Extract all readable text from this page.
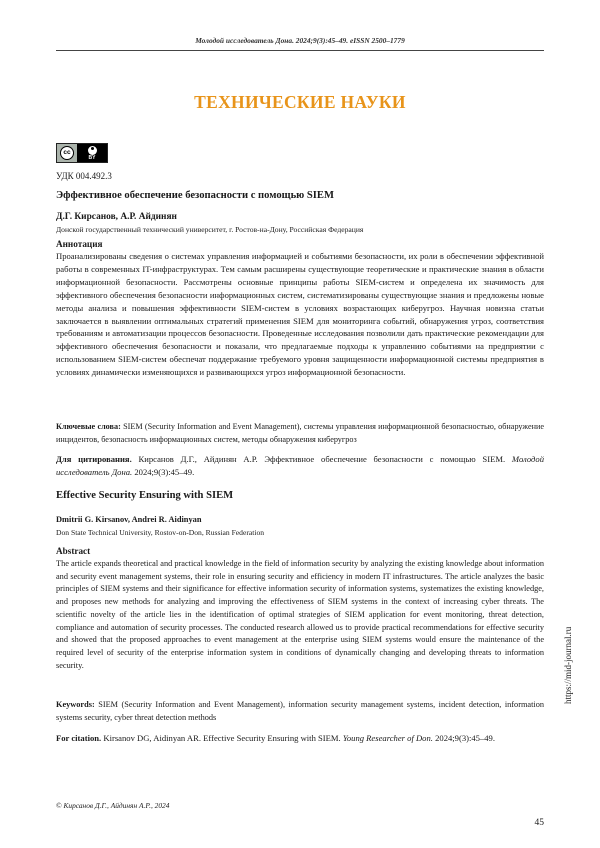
Молодой исследователь Дона. 2024;9(3):45–49. eISSN 2500–1779
ТЕХНИЧЕСКИЕ НАУКИ
cc
BY
УДК 004.492.3
Эффективное обеспечение безопасности с помощью SIEM
Д.Г. Кирсанов, А.Р. Айдинян
Донской государственный технический университет, г. Ростов-на-Дону, Российская Федерация
Аннотация
Проанализированы сведения о системах управления информацией и событиями безопасности, их роли в обеспечении эффективной работы в современных IT-инфраструктурах. Тем самым расширены существующие теоретические и практические знания в области информационной безопасности. Рассмотрены основные принципы работы SIEM-систем и определена их значимость для эффективного обеспечения безопасности информационных систем, систематизированы существующие знания и предложены новые методы анализа и повышения эффективности SIEM-систем в условиях возрастающих киберугроз. Научная новизна статьи заключается в выявлении оптимальных стратегий применения SIEM для мониторинга событий, обнаружения угроз, соответствия требованиям и автоматизации процессов безопасности. Проведенные исследования позволили дать практические рекомендации для эффективного обеспечения безопасности и показали, что предлагаемые подходы к управлению событиями на предприятии с использованием SIEM-систем обеспечат поддержание требуемого уровня защищенности информационной системы предприятия в условиях динамически изменяющихся и развивающихся угроз информационной безопасности.
Ключевые слова: SIEM (Security Information and Event Management), системы управления информационной безопасностью, обнаружение инцидентов, безопасность информационных систем, методы обнаружения киберугроз
Для цитирования. Кирсанов Д.Г., Айдинян А.Р. Эффективное обеспечение безопасности с помощью SIEM. Молодой исследователь Дона. 2024;9(3):45–49.
Effective Security Ensuring with SIEM
Dmitrii G. Kirsanov, Andrei R. Aidinyan
Don State Technical University, Rostov-on-Don, Russian Federation
Abstract
The article expands theoretical and practical knowledge in the field of information security by analyzing the existing knowledge about information and security event management systems, their role in ensuring security and efficiency in modern IT infrastructures. The article analyzes the basic principles of SIEM systems and their significance for effective information security of information systems, systematizes the existing knowledge, and proposes new methods for analyzing and improving the effectiveness of SIEM systems in the context of increasing cyber threats. The scientific novelty of the article lies in the identification of optimal strategies of SIEM application for event monitoring, threat detection, compliance and automation of security processes. The conducted research allowed us to provide practical recommendations for effective security and showed that the proposed approaches to event management at the enterprise using SIEM systems would ensure the maintenance of the required level of security of the enterprise information system in conditions of dynamically changing and developing threats to information security.
Keywords: SIEM (Security Information and Event Management), information security management systems, incident detection, information systems security, cyber threat detection methods
For citation. Kirsanov DG, Aidinyan AR. Effective Security Ensuring with SIEM. Young Researcher of Don. 2024;9(3):45–49.
https://mid-journal.ru
© Кирсанов Д.Г., Айдинян А.Р., 2024
45
